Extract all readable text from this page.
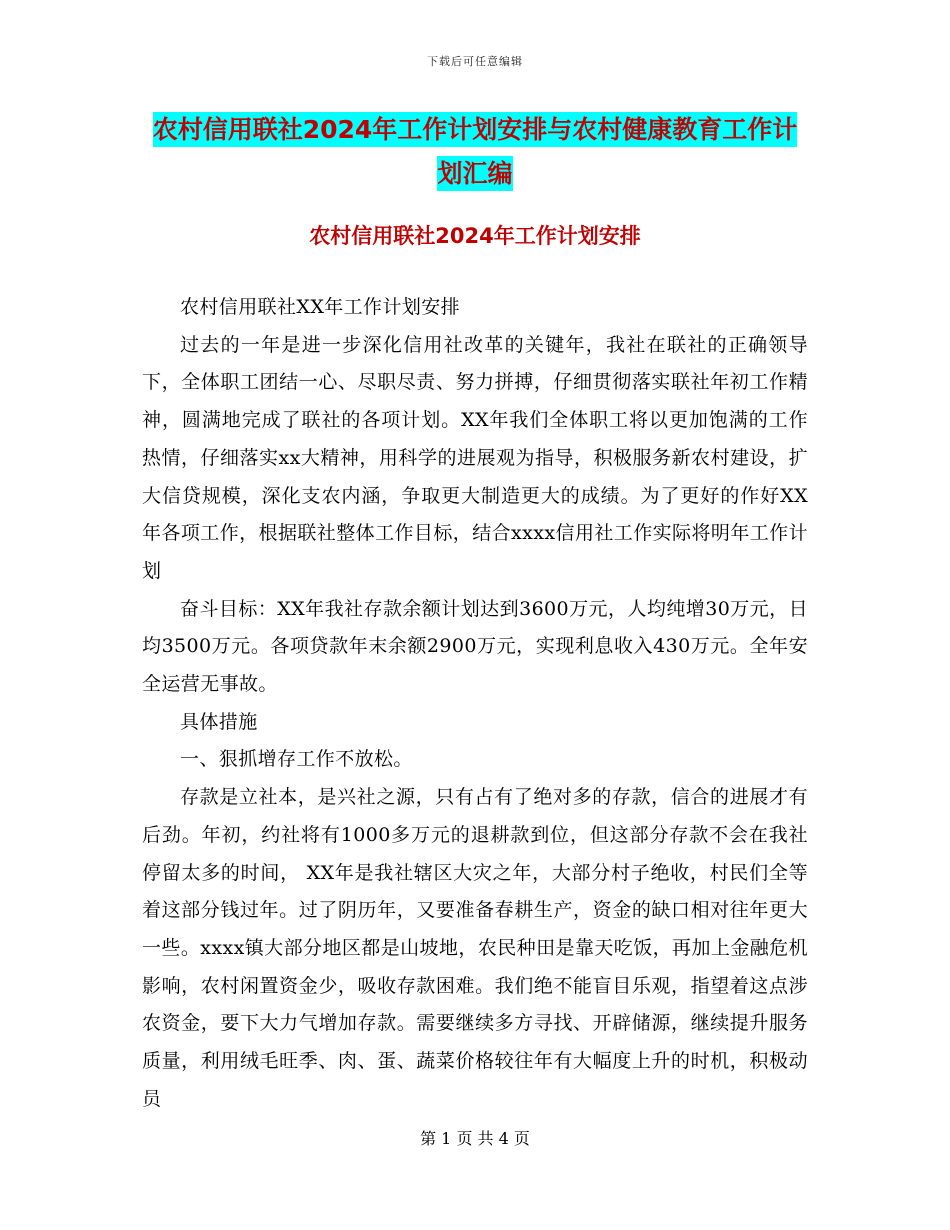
下载后可任意编辑
农村信用联社2024年工作计划安排与农村健康教育工作计划汇编
农村信用联社2024年工作计划安排

农村信用联社XX年工作计划安排

过去的一年是进一步深化信用社改革的关键年，我社在联社的正确领导下，全体职工团结一心、尽职尽责、努力拼搏，仔细贯彻落实联社年初工作精神，圆满地完成了联社的各项计划。XX年我们全体职工将以更加饱满的工作热情，仔细落实xx大精神，用科学的进展观为指导，积极服务新农村建设，扩大信贷规模，深化支农内涵，争取更大制造更大的成绩。为了更好的作好XX年各项工作，根据联社整体工作目标，结合xxxx信用社工作实际将明年工作计划

奋斗目标：XX年我社存款余额计划达到3600万元，人均纯增30万元，日均3500万元。各项贷款年末余额2900万元，实现利息收入430万元。全年安全运营无事故。

具体措施

一、狠抓增存工作不放松。

存款是立社本，是兴社之源，只有占有了绝对多的存款，信合的进展才有后劲。年初，约社将有1000多万元的退耕款到位，但这部分存款不会在我社停留太多的时间， XX年是我社辖区大灾之年，大部分村子绝收，村民们全等着这部分钱过年。过了阴历年，又要准备春耕生产，资金的缺口相对往年更大一些。xxxx镇大部分地区都是山坡地，农民种田是靠天吃饭，再加上金融危机影响，农村闲置资金少，吸收存款困难。我们绝不能盲目乐观，指望着这点涉农资金，要下大力气增加存款。需要继续多方寻找、开辟储源，继续提升服务质量，利用绒毛旺季、肉、蛋、蔬菜价格较往年有大幅度上升的时机，积极动员

第 1 页 共 4 页
